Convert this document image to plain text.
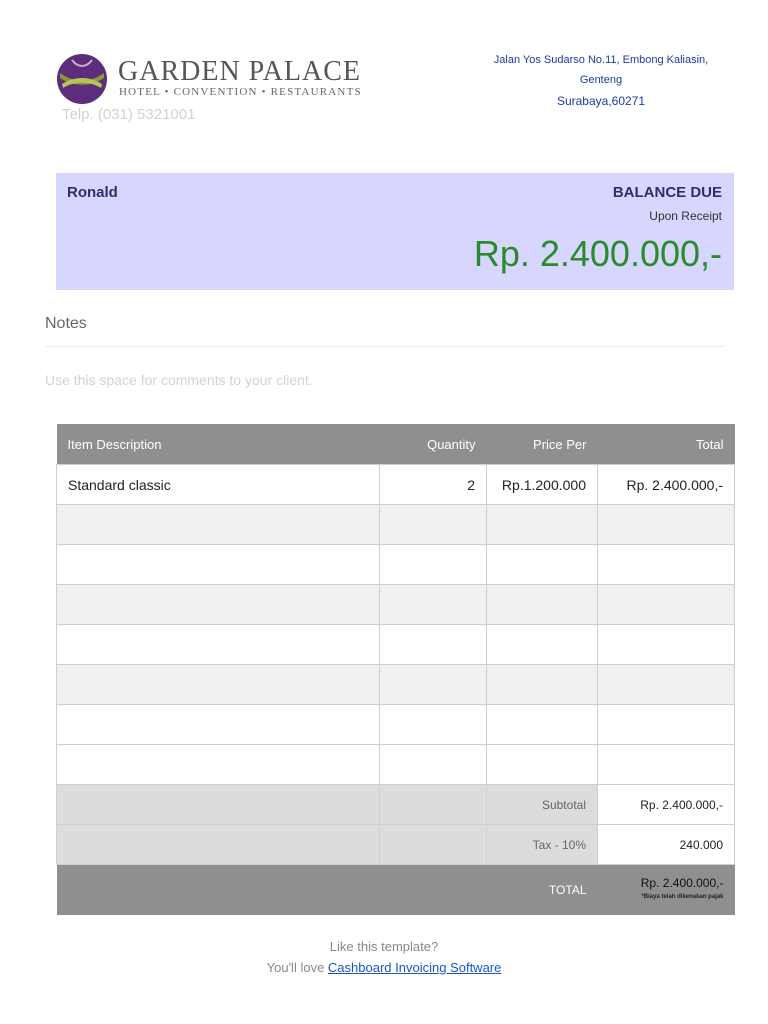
GARDEN PALACE
HOTEL • CONVENTION • RESTAURANTS
Telp. (031) 5321001
Jalan Yos Sudarso No.11, Embong Kaliasin,
Genteng
Surabaya,60271
Ronald	BALANCE DUE
Upon Receipt
Rp. 2.400.000,-
Notes
Use this space for comments to your client.
Item Description	Quantity	Price Per	Total
Standard classic	2	Rp.1.200.000	Rp. 2.400.000,-

		Subtotal	Rp. 2.400.000,-
		Tax - 10%	240.000
		TOTAL	Rp. 2.400.000,-
*Biaya telah dikenakan pajak
Like this template?
You'll love Cashboard Invoicing Software
